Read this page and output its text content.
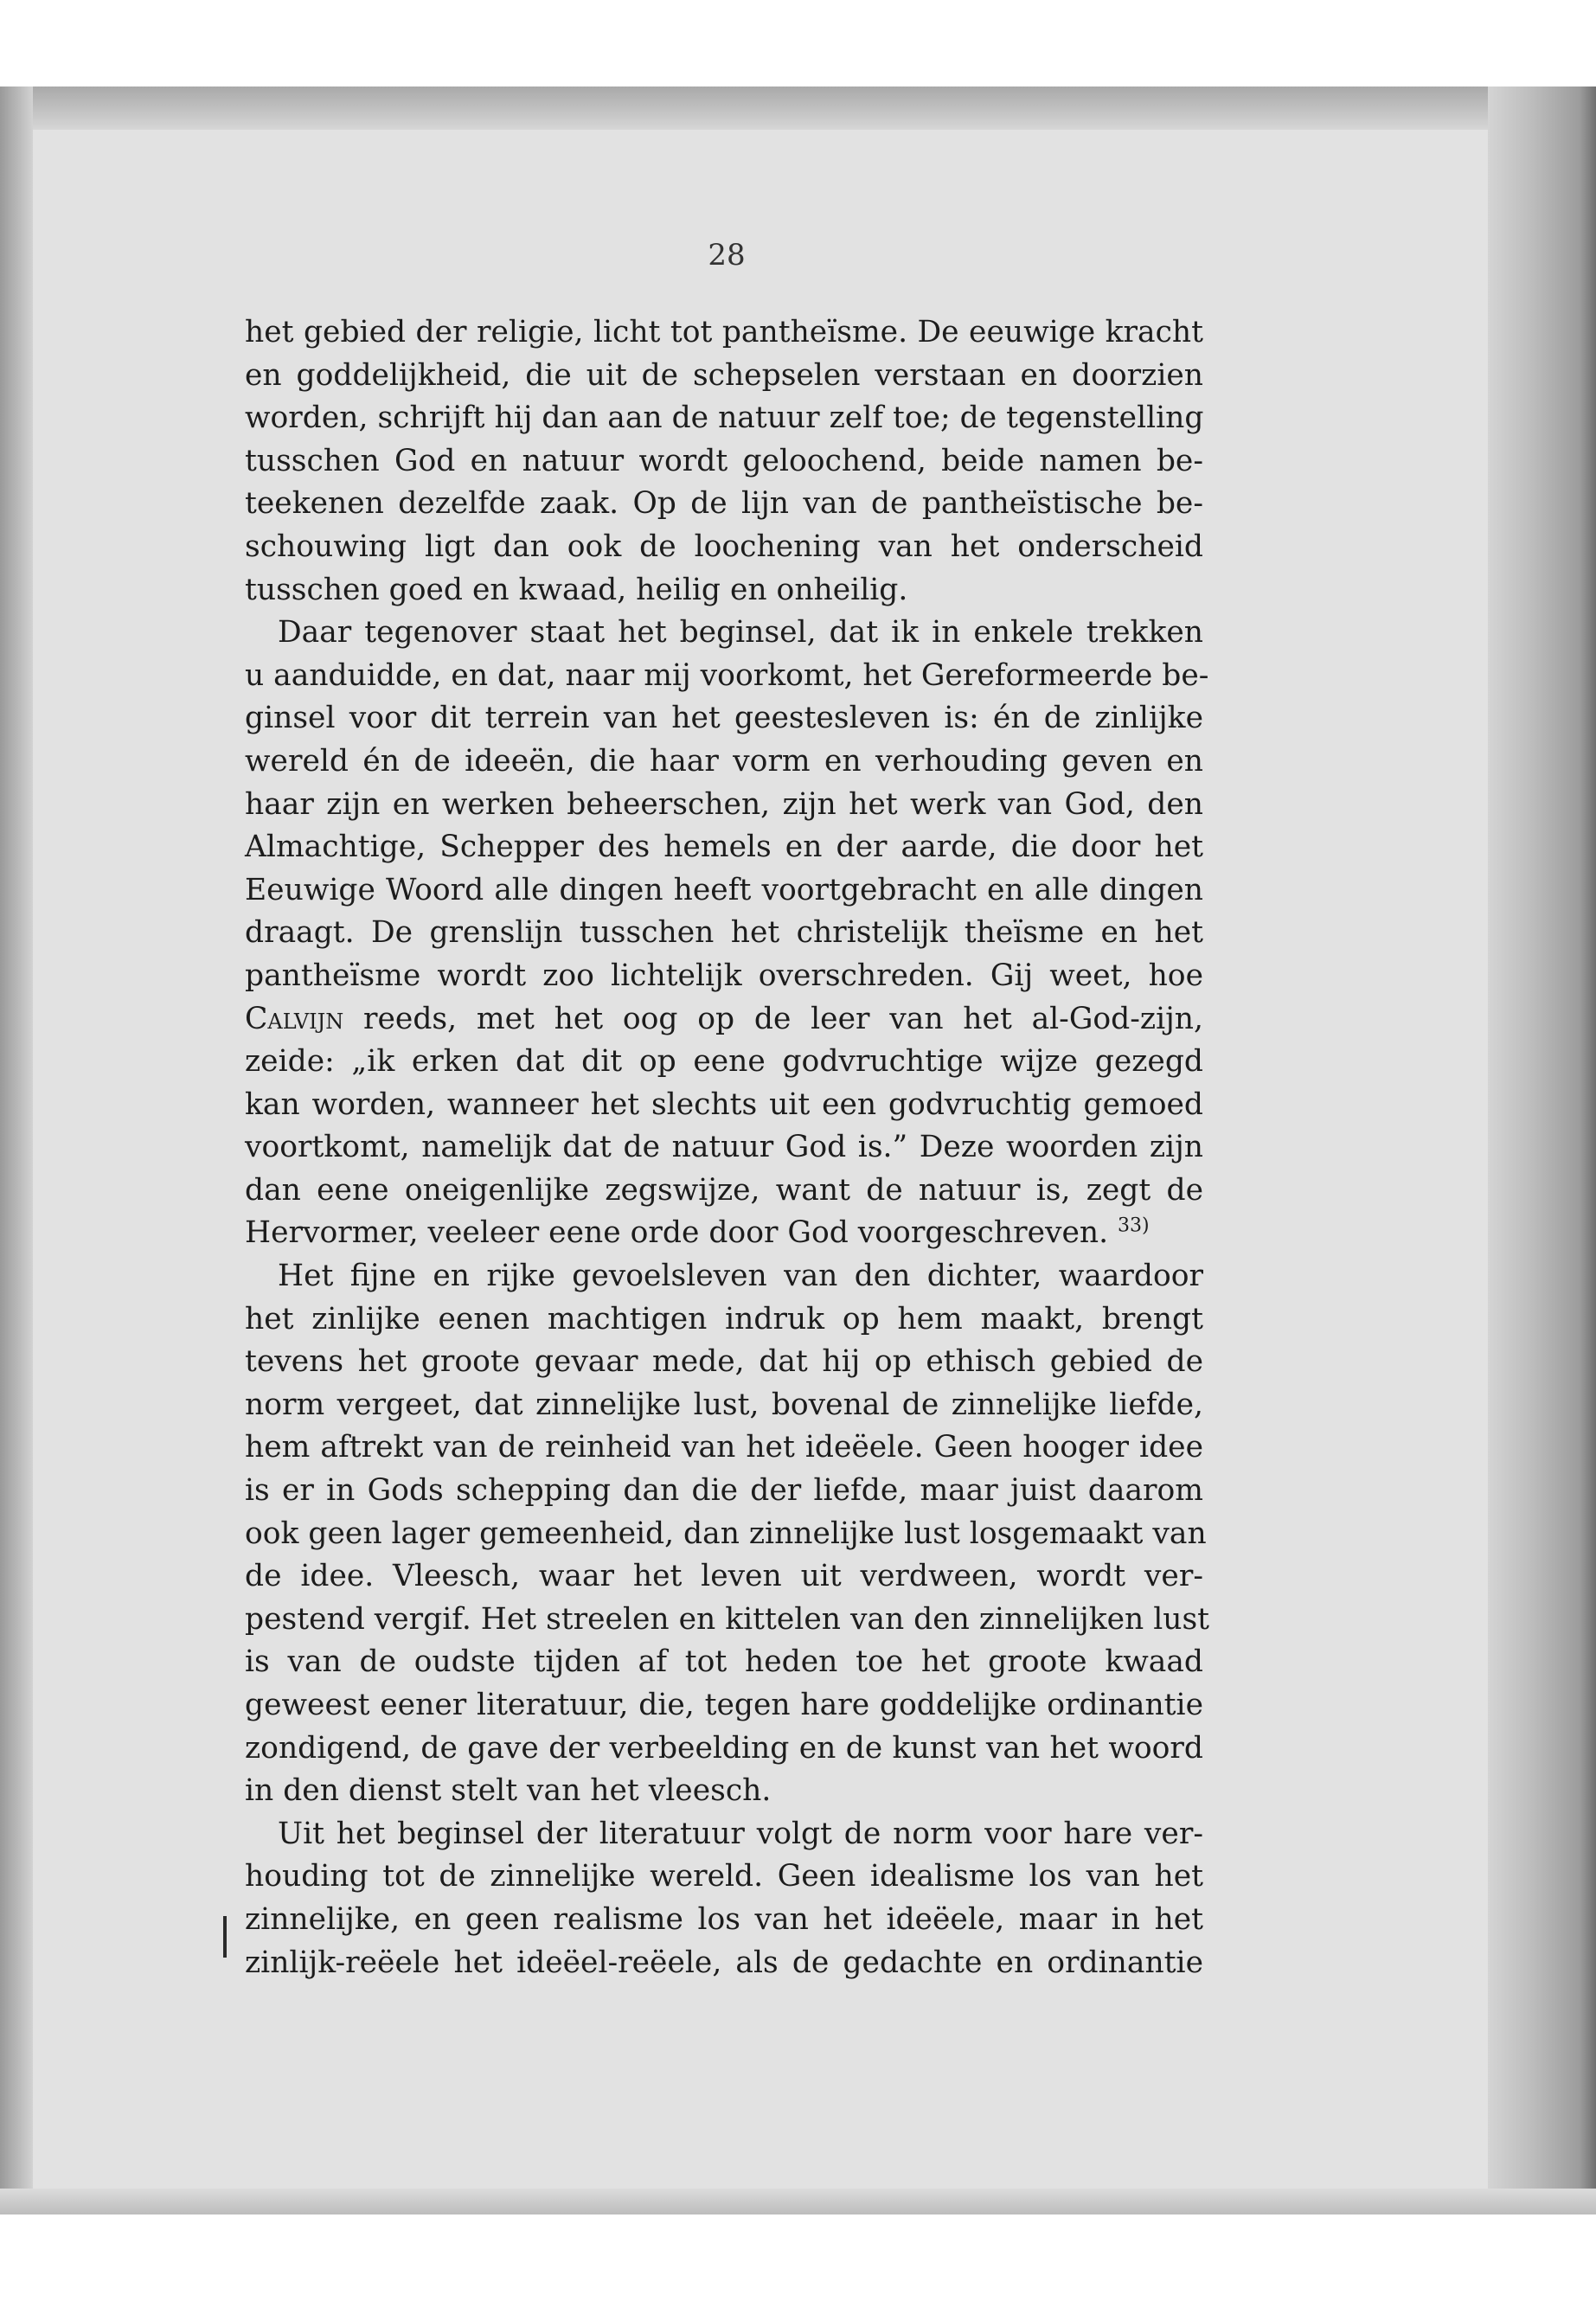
28
het gebied der religie, licht tot pantheïsme. De eeuwige kracht
en goddelijkheid, die uit de schepselen verstaan en doorzien
worden, schrijft hij dan aan de natuur zelf toe; de tegenstelling
tusschen God en natuur wordt geloochend, beide namen be-
teekenen dezelfde zaak. Op de lijn van de pantheïstische be-
schouwing ligt dan ook de loochening van het onderscheid
tusschen goed en kwaad, heilig en onheilig.
Daar tegenover staat het beginsel, dat ik in enkele trekken
u aanduidde, en dat, naar mij voorkomt, het Gereformeerde be-
ginsel voor dit terrein van het geestesleven is: én de zinlijke
wereld én de ideeën, die haar vorm en verhouding geven en
haar zijn en werken beheerschen, zijn het werk van God, den
Almachtige, Schepper des hemels en der aarde, die door het
Eeuwige Woord alle dingen heeft voortgebracht en alle dingen
draagt. De grenslijn tusschen het christelijk theïsme en het
pantheïsme wordt zoo lichtelijk overschreden. Gij weet, hoe
Calvijn reeds, met het oog op de leer van het al-God-zijn,
zeide: „ik erken dat dit op eene godvruchtige wijze gezegd
kan worden, wanneer het slechts uit een godvruchtig gemoed
voortkomt, namelijk dat de natuur God is.” Deze woorden zijn
dan eene oneigenlijke zegswijze, want de natuur is, zegt de
Hervormer, veeleer eene orde door God voorgeschreven. $^{33)}$
Het fijne en rijke gevoelsleven van den dichter, waardoor
het zinlijke eenen machtigen indruk op hem maakt, brengt
tevens het groote gevaar mede, dat hij op ethisch gebied de
norm vergeet, dat zinnelijke lust, bovenal de zinnelijke liefde,
hem aftrekt van de reinheid van het ideëele. Geen hooger idee
is er in Gods schepping dan die der liefde, maar juist daarom
ook geen lager gemeenheid, dan zinnelijke lust losgemaakt van
de idee. Vleesch, waar het leven uit verdween, wordt ver-
pestend vergif. Het streelen en kittelen van den zinnelijken lust
is van de oudste tijden af tot heden toe het groote kwaad
geweest eener literatuur, die, tegen hare goddelijke ordinantie
zondigend, de gave der verbeelding en de kunst van het woord
in den dienst stelt van het vleesch.
Uit het beginsel der literatuur volgt de norm voor hare ver-
houding tot de zinnelijke wereld. Geen idealisme los van het
zinnelijke, en geen realisme los van het ideëele, maar in het
zinlijk-reëele het ideëel-reëele, als de gedachte en ordinantie
